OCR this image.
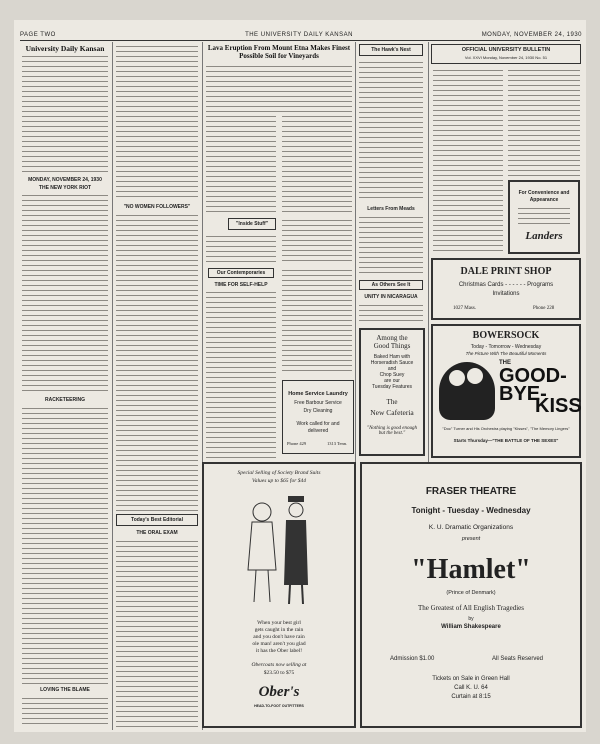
PAGE TWO	THE UNIVERSITY DAILY KANSAN	MONDAY, NOVEMBER 24, 1930
University Daily Kansan
MONDAY, NOVEMBER 24, 1930
THE NEW YORK RIOT
RACKETEERING
LOVING THE BLAME
"NO WOMEN FOLLOWERS"
Today's Best Editorial
THE ORAL EXAM
Lava Eruption From Mount Etna Makes Finest Possible Soil for Vineyards
"Inside Stuff"
Our Contemporaries
TIME FOR SELF-HELP
Home Service Laundry
Free Barbour Service
Dry Cleaning
Work called for and
delivered
Phone 429	1313 Tenn.
The Hawk's Nest
Letters From Meads
As Others See It
UNITY IN NICARAGUA
Among the
Good Things
Baked Ham with
Horseradish Sauce
and
Chop Suey
are our
Tuesday Features
The
New Cafeteria
"Nothing is good enough but the best."
OFFICIAL UNIVERSITY BULLETIN
Vol. XXVI Monday, November 24, 1930 No. 51
For Convenience and
Appearance
Landers
DALE PRINT SHOP
Christmas Cards - - - - - - Programs
Invitations
1027 Mass.	Phone 228
BOWERSOCK
Today - Tomorrow - Wednesday
The Picture With The Beautiful Moments
THE
GOOD-
BYE-
KISS
"Doc" Turner and His Orchestra playing "Kisses", "The Memory Lingers"
Starts Thursday—"THE BATTLE OF THE SEXES"
Special Selling of Society Brand Suits
Values up to $65 for $44
When your best girl
gets caught in the rain
and you don't have rain
ole man! aren't you glad
it has the Ober label!
Obercoats now selling at
$23.50 to $75
Ober's
HEAD-TO-FOOT OUTFITTERS
FRASER THEATRE
Tonight - Tuesday - Wednesday
K. U. Dramatic Organizations
present
"Hamlet"
(Prince of Denmark)
The Greatest of All English Tragedies
by
William Shakespeare
Admission $1.00	All Seats Reserved
Tickets on Sale in Green Hall
Call K. U. 64
Curtain at 8:15
